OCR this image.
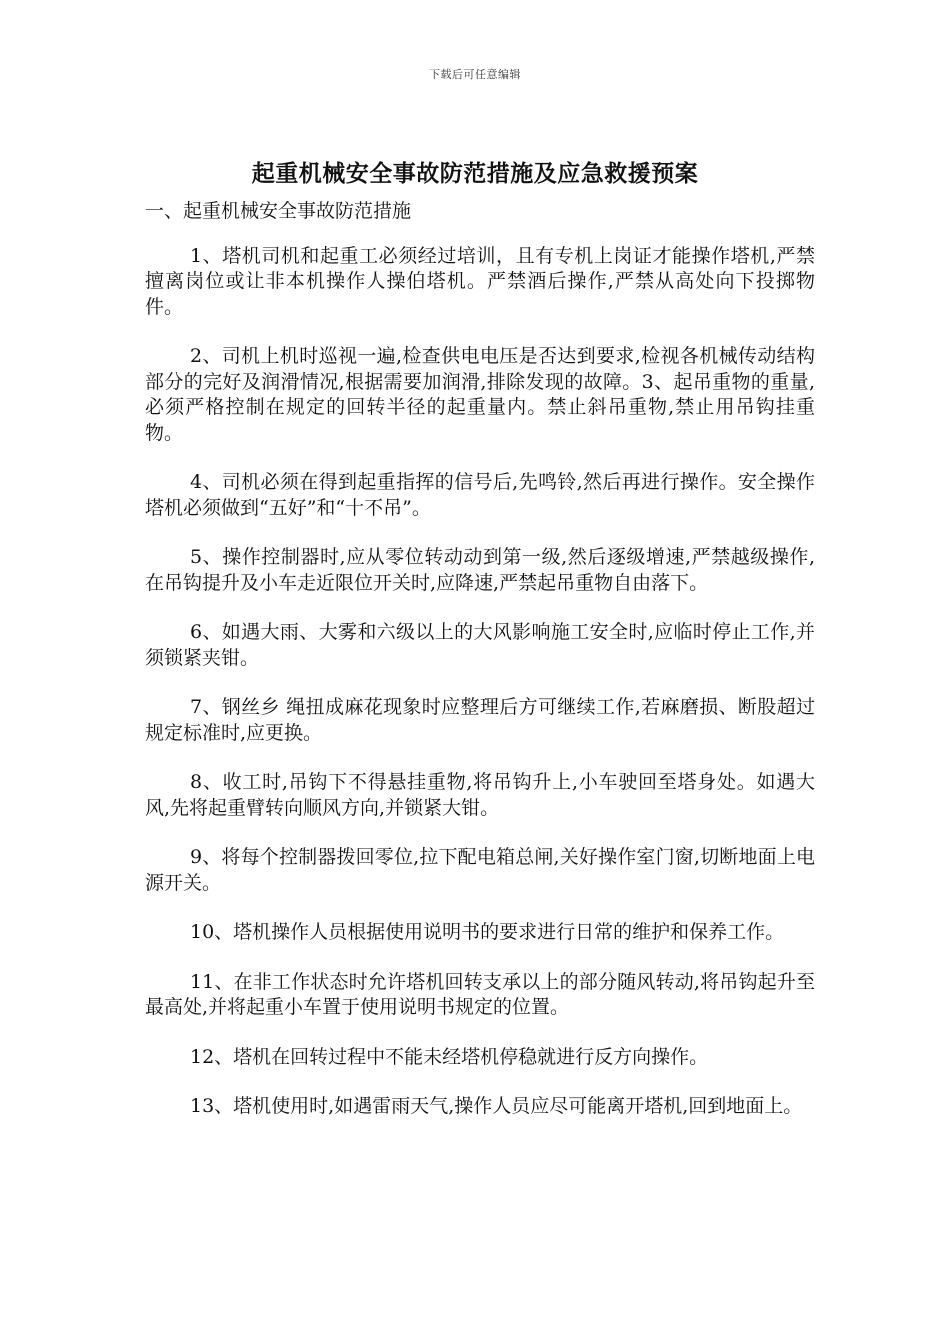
下载后可任意编辑
起重机械安全事故防范措施及应急救援预案

一、起重机械安全事故防范措施

1、塔机司机和起重工必须经过培训，且有专机上岗证才能操作塔机,严禁擅离岗位或让非本机操作人操伯塔机。严禁酒后操作,严禁从高处向下投掷物件。

2、司机上机时巡视一遍,检查供电电压是否达到要求,检视各机械传动结构部分的完好及润滑情况,根据需要加润滑,排除发现的故障。3、起吊重物的重量,必须严格控制在规定的回转半径的起重量内。禁止斜吊重物,禁止用吊钩挂重物。

4、司机必须在得到起重指挥的信号后,先鸣铃,然后再进行操作。安全操作塔机必须做到“五好”和“十不吊”。

5、操作控制器时,应从零位转动动到第一级,然后逐级增速,严禁越级操作,在吊钩提升及小车走近限位开关时,应降速,严禁起吊重物自由落下。

6、如遇大雨、大雾和六级以上的大风影响施工安全时,应临时停止工作,并须锁紧夹钳。

7、钢丝乡 绳扭成麻花现象时应整理后方可继续工作,若麻磨损、断股超过规定标准时,应更换。

8、收工时,吊钩下不得悬挂重物,将吊钩升上,小车驶回至塔身处。如遇大风,先将起重臂转向顺风方向,并锁紧大钳。

9、将每个控制器拨回零位,拉下配电箱总闸,关好操作室门窗,切断地面上电源开关。

10、塔机操作人员根据使用说明书的要求进行日常的维护和保养工作。

11、在非工作状态时允许塔机回转支承以上的部分随风转动,将吊钩起升至最高处,并将起重小车置于使用说明书规定的位置。

12、塔机在回转过程中不能未经塔机停稳就进行反方向操作。

13、塔机使用时,如遇雷雨天气,操作人员应尽可能离开塔机,回到地面上。
